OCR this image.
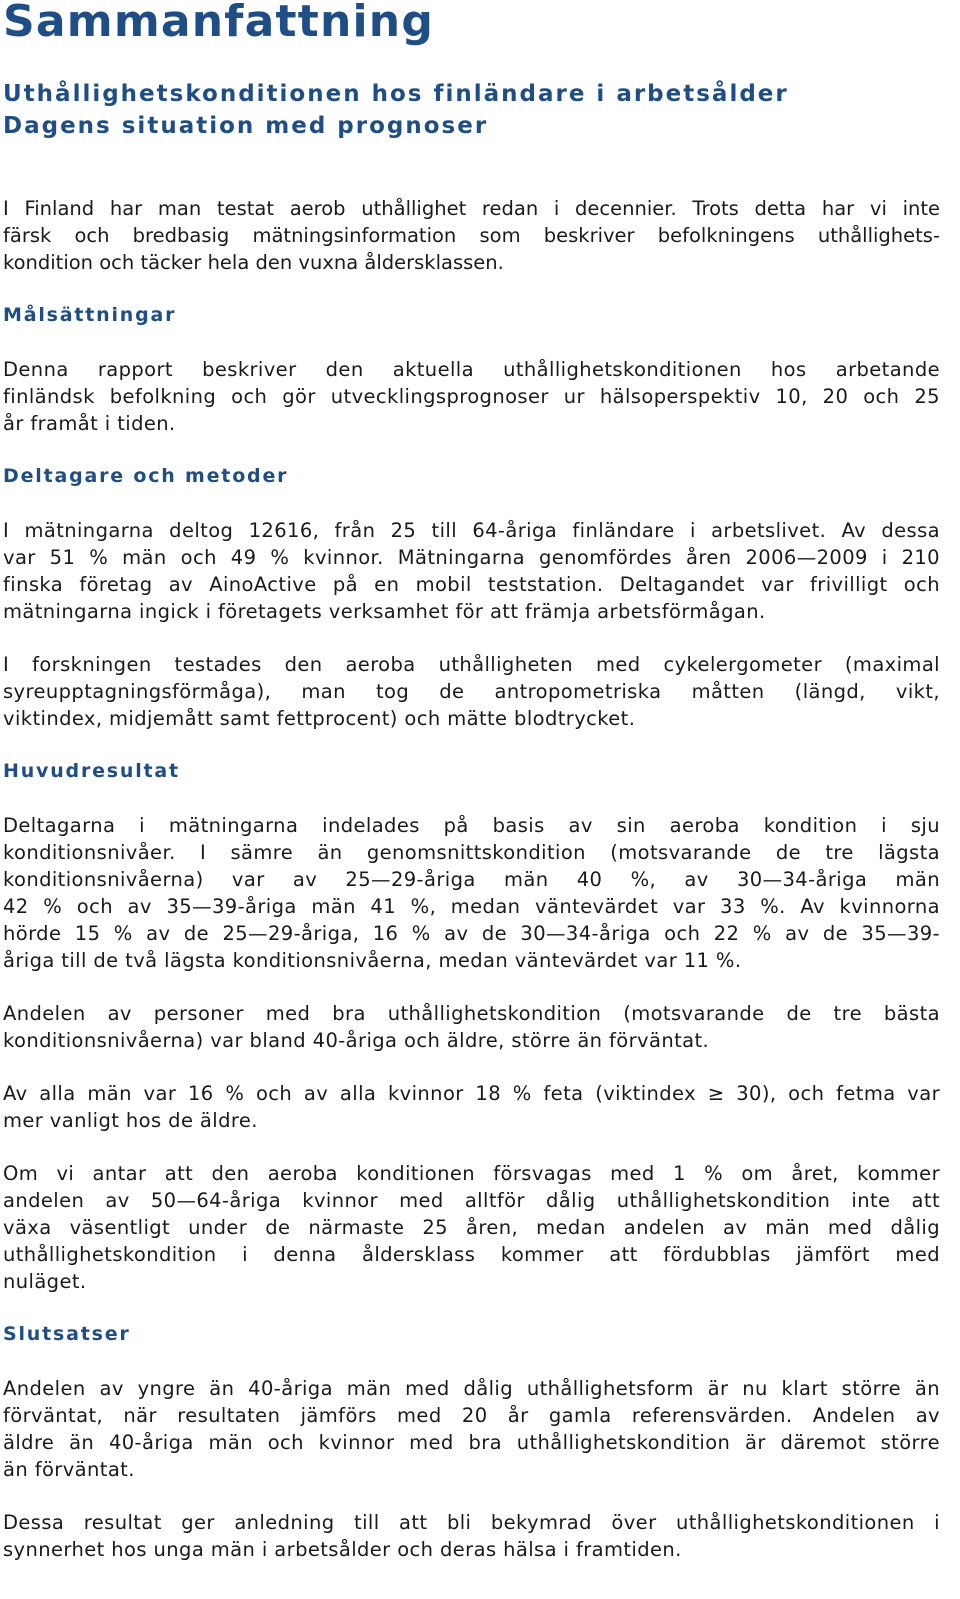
Sammanfattning
Uthållighetskonditionen hos finländare i arbetsålder
Dagens situation med prognoser
I Finland har man testat aerob uthållighet redan i decennier. Trots detta har vi inte
färsk och bredbasig mätningsinformation som beskriver befolkningens uthållighets-
kondition och täcker hela den vuxna åldersklassen.
Målsättningar
Denna rapport beskriver den aktuella uthållighetskonditionen hos arbetande
finländsk befolkning och gör utvecklingsprognoser ur hälsoperspektiv 10, 20 och 25
år framåt i tiden.
Deltagare och metoder
I mätningarna deltog 12616, från 25 till 64-åriga finländare i arbetslivet. Av dessa
var 51 % män och 49 % kvinnor. Mätningarna genomfördes åren 2006—2009 i 210
finska företag av AinoActive på en mobil teststation. Deltagandet var frivilligt och
mätningarna ingick i företagets verksamhet för att främja arbetsförmågan.
I forskningen testades den aeroba uthålligheten med cykelergometer (maximal
syreupptagningsförmåga), man tog de antropometriska måtten (längd, vikt,
viktindex, midjemått samt fettprocent) och mätte blodtrycket.
Huvudresultat
Deltagarna i mätningarna indelades på basis av sin aeroba kondition i sju
konditionsnivåer. I sämre än genomsnittskondition (motsvarande de tre lägsta
konditionsnivåerna) var av 25—29-åriga män 40 %, av 30—34-åriga män
42 % och av 35—39-åriga män 41 %, medan väntevärdet var 33 %. Av kvinnorna
hörde 15 % av de 25—29-åriga, 16 % av de 30—34-åriga och 22 % av de 35—39-
åriga till de två lägsta konditionsnivåerna, medan väntevärdet var 11 %.
Andelen av personer med bra uthållighetskondition (motsvarande de tre bästa
konditionsnivåerna) var bland 40-åriga och äldre, större än förväntat.
Av alla män var 16 % och av alla kvinnor 18 % feta (viktindex ≥ 30), och fetma var
mer vanligt hos de äldre.
Om vi antar att den aeroba konditionen försvagas med 1 % om året, kommer
andelen av 50—64-åriga kvinnor med alltför dålig uthållighetskondition inte att
växa väsentligt under de närmaste 25 åren, medan andelen av män med dålig
uthållighetskondition i denna åldersklass kommer att fördubblas jämfört med
nuläget.
Slutsatser
Andelen av yngre än 40-åriga män med dålig uthållighetsform är nu klart större än
förväntat, när resultaten jämförs med 20 år gamla referensvärden. Andelen av
äldre än 40-åriga män och kvinnor med bra uthållighetskondition är däremot större
än förväntat.
Dessa resultat ger anledning till att bli bekymrad över uthållighetskonditionen i
synnerhet hos unga män i arbetsålder och deras hälsa i framtiden.
